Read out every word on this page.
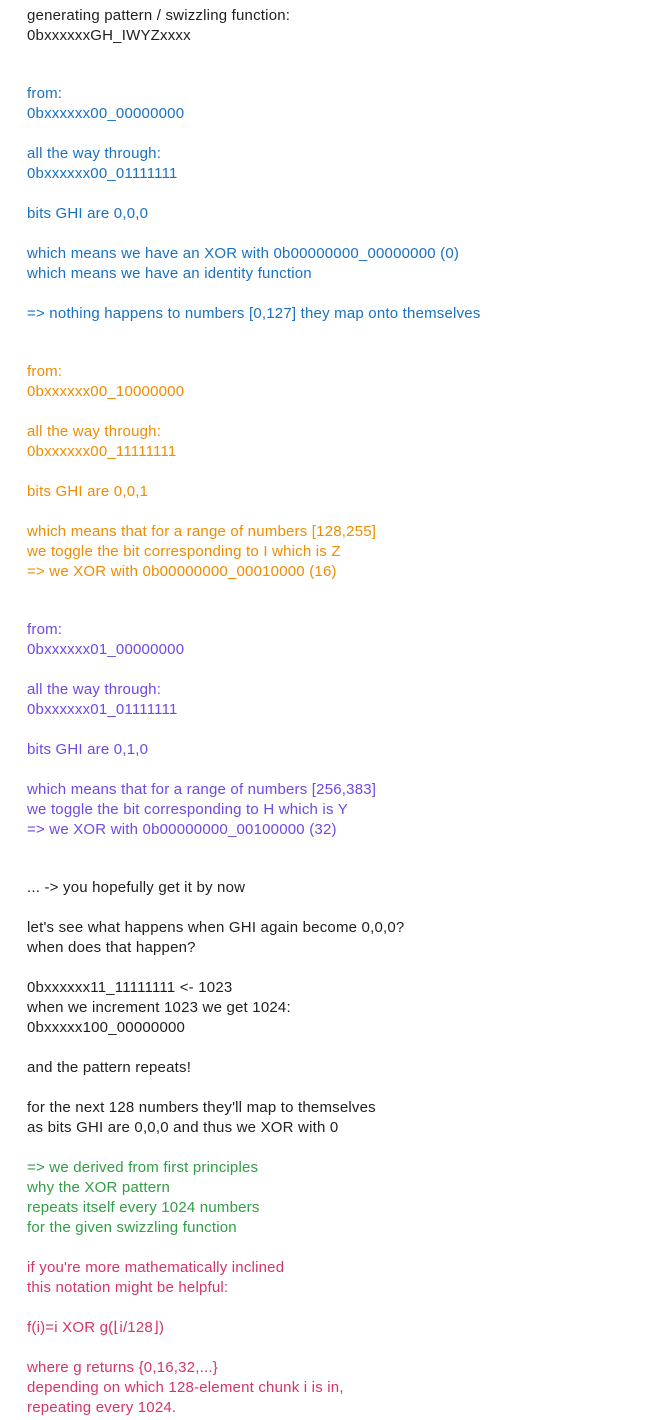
generating pattern / swizzling function:
0bxxxxxxGH_IWYZxxxx
from:
0bxxxxxx00_00000000
all the way through:
0bxxxxxx00_01111111
bits GHI are 0,0,0
which means we have an XOR with 0b00000000_00000000 (0)
which means we have an identity function
=> nothing happens to numbers [0,127] they map onto themselves
from:
0bxxxxxx00_10000000
all the way through:
0bxxxxxx00_11111111
bits GHI are 0,0,1
which means that for a range of numbers [128,255]
we toggle the bit corresponding to I which is Z
=> we XOR with 0b00000000_00010000 (16)
from:
0bxxxxxx01_00000000
all the way through:
0bxxxxxx01_01111111
bits GHI are 0,1,0
which means that for a range of numbers [256,383]
we toggle the bit corresponding to H which is Y
=> we XOR with 0b00000000_00100000 (32)
... -> you hopefully get it by now
let's see what happens when GHI again become 0,0,0?
when does that happen?
0bxxxxxx11_11111111 <- 1023
when we increment 1023 we get 1024:
0bxxxxx100_00000000
and the pattern repeats!
for the next 128 numbers they'll map to themselves
as bits GHI are 0,0,0 and thus we XOR with 0
=> we derived from first principles
why the XOR pattern
repeats itself every 1024 numbers
for the given swizzling function
if you're more mathematically inclined
this notation might be helpful:
f(i)=i XOR g(⌊i/128⌋)
where g returns {0,16,32,...}
depending on which 128-element chunk i is in,
repeating every 1024.
